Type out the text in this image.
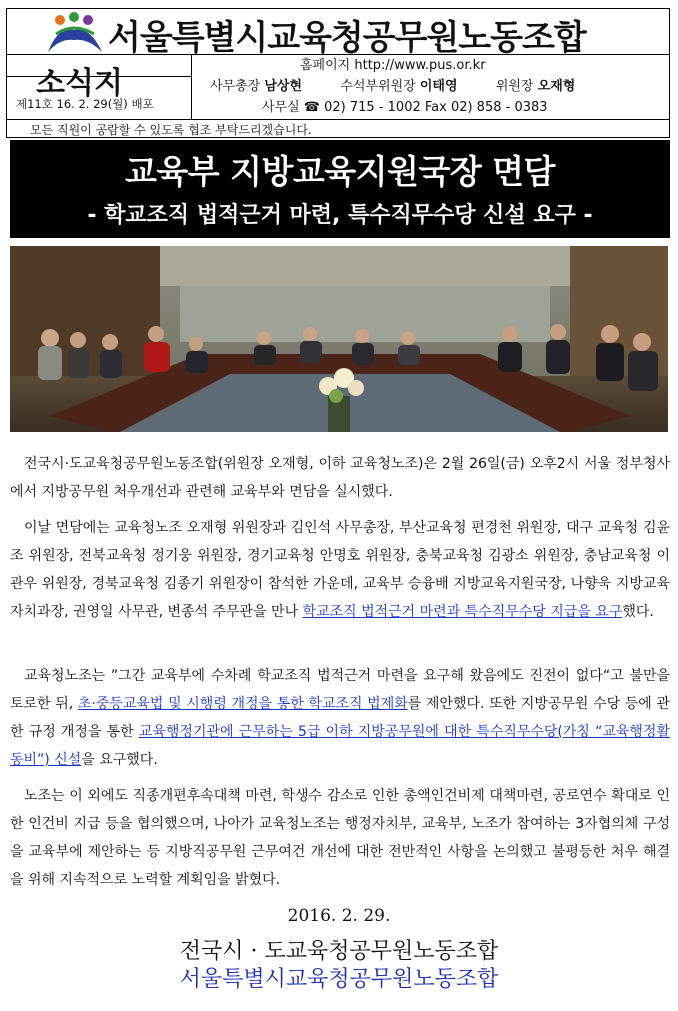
서울특별시교육청공무원노동조합
소식지
제11호 16. 2. 29(월) 배포
홈페이지 http://www.pus.or.kr
사무총장 남상현	수석부위원장 이태영	위원장 오재형
사무실 ☎ 02) 715 - 1002 Fax 02) 858 - 0383
모든 직원이 공람할 수 있도록 협조 부탁드리겠습니다.
교육부 지방교육지원국장 면담
- 학교조직 법적근거 마련, 특수직무수당 신설 요구 -
전국시·도교육청공무원노동조합(위원장 오재형, 이하 교육청노조)은 2월 26일(금) 오후2시 서울 정부청사에서 지방공무원 처우개선과 관련해 교육부와 면담을 실시했다.
이날 면담에는 교육청노조 오재형 위원장과 김인석 사무총장, 부산교육청 편경천 위원장, 대구 교육청 김윤조 위원장, 전북교육청 정기웅 위원장, 경기교육청 안명호 위원장, 충북교육청 김광소 위원장, 충남교육청 이관우 위원장, 경북교육청 김종기 위원장이 참석한 가운데, 교육부 승융배 지방교육지원국장, 나향욱 지방교육자치과장, 권영일 사무관, 변종석 주무관을 만나 학교조직 법적근거 마련과 특수직무수당 지급을 요구했다.
교육청노조는 ”그간 교육부에 수차례 학교조직 법적근거 마련을 요구해 왔음에도 진전이 없다“고 불만을 토로한 뒤, 초·중등교육법 및 시행령 개정을 통한 학교조직 법제화를 제안했다. 또한 지방공무원 수당 등에 관한 규정 개정을 통한 교육행정기관에 근무하는 5급 이하 지방공무원에 대한 특수직무수당(가칭 “교육행정활동비”) 신설을 요구했다.
노조는 이 외에도 직종개편후속대책 마련, 학생수 감소로 인한 총액인건비제 대책마련, 공로연수 확대로 인한 인건비 지급 등을 협의했으며, 나아가 교육청노조는 행정자치부, 교육부, 노조가 참여하는 3자협의체 구성을 교육부에 제안하는 등 지방직공무원 근무여건 개선에 대한 전반적인 사항을 논의했고 불평등한 처우 해결을 위해 지속적으로 노력할 계획임을 밝혔다.
2016. 2. 29.
전국시 · 도교육청공무원노동조합
서울특별시교육청공무원노동조합
